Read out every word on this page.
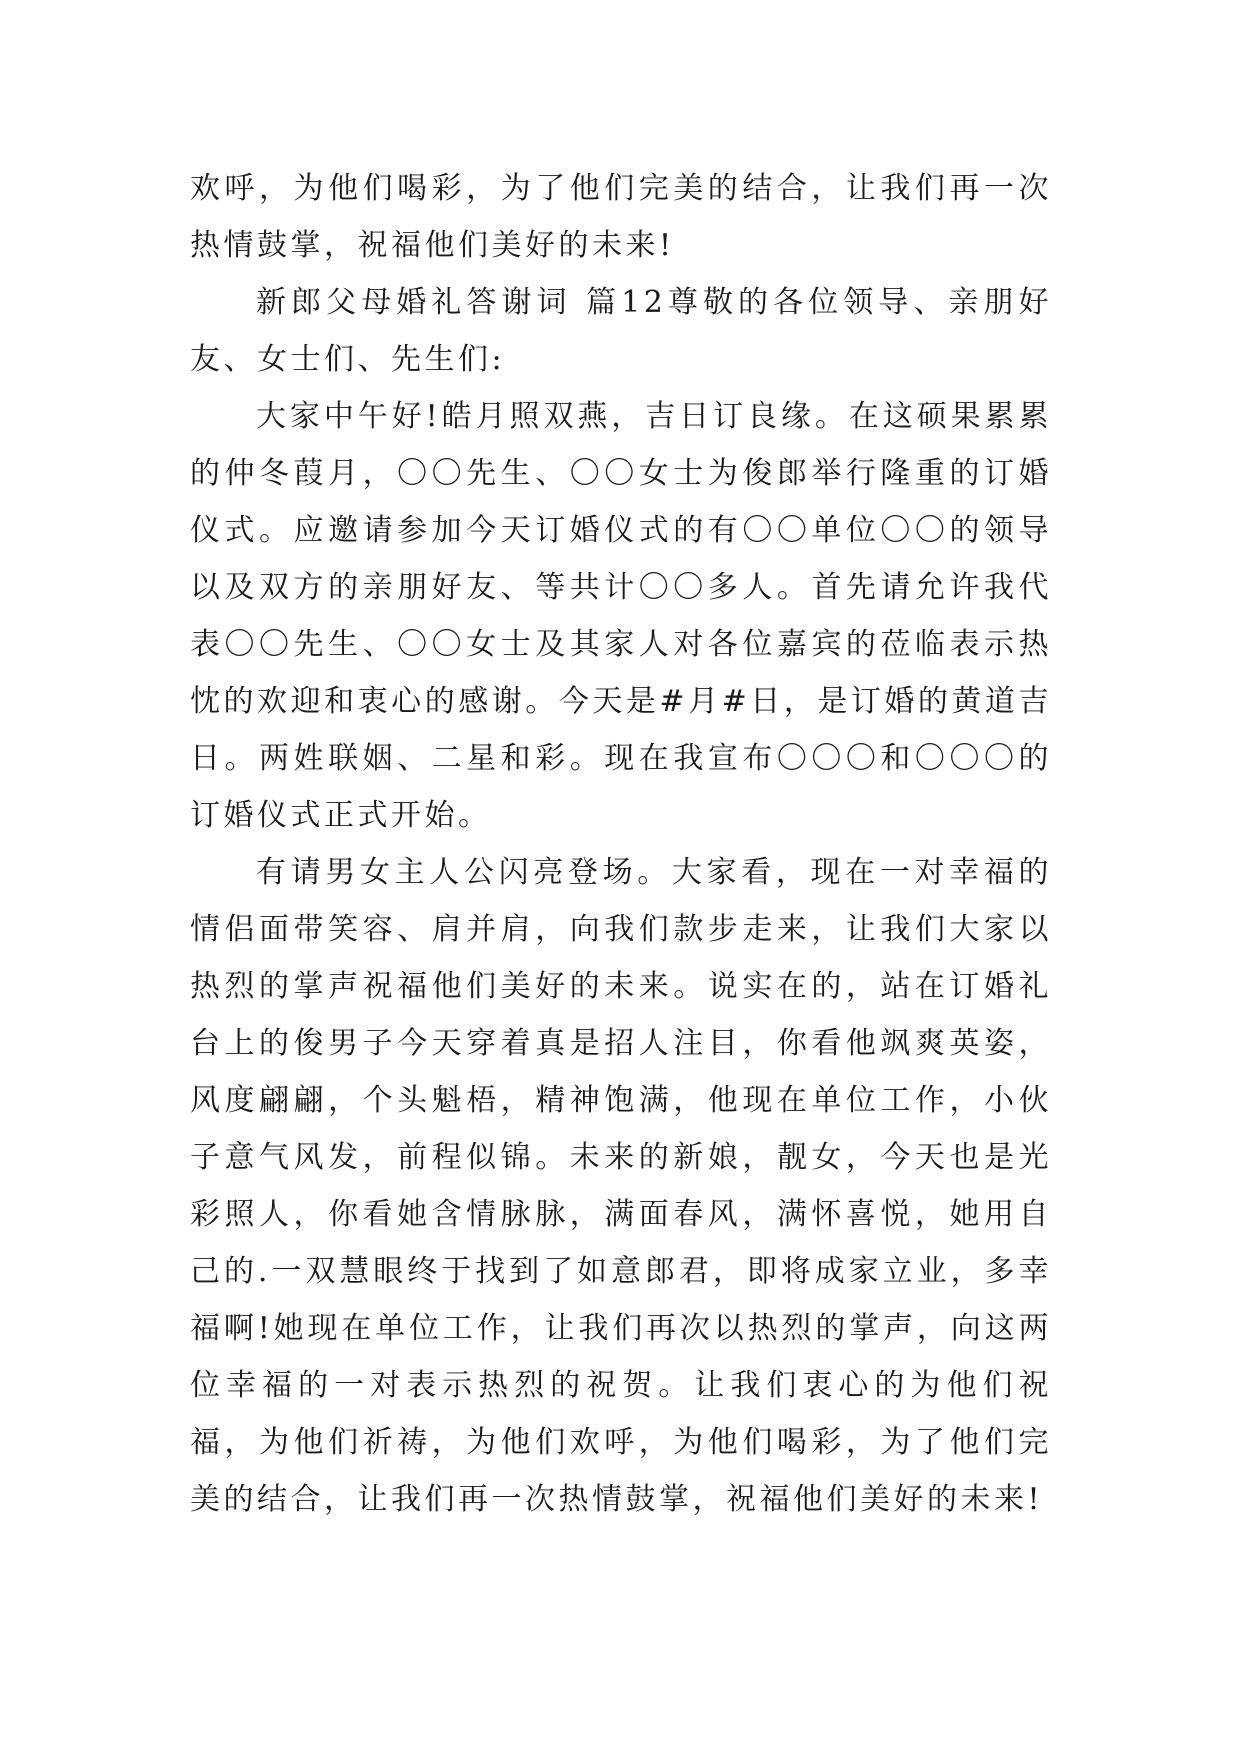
欢呼，为他们喝彩，为了他们完美的结合，让我们再一次热情鼓掌，祝福他们美好的未来!

新郎父母婚礼答谢词 篇12尊敬的各位领导、亲朋好友、女士们、先生们:

大家中午好!皓月照双燕，吉日订良缘。在这硕果累累的仲冬葭月，〇〇先生、〇〇女士为俊郎举行隆重的订婚仪式。应邀请参加今天订婚仪式的有〇〇单位〇〇的领导以及双方的亲朋好友、等共计〇〇多人。首先请允许我代表〇〇先生、〇〇女士及其家人对各位嘉宾的莅临表示热忱的欢迎和衷心的感谢。今天是#月#日，是订婚的黄道吉日。两姓联姻、二星和彩。现在我宣布〇〇〇和〇〇〇的订婚仪式正式开始。

有请男女主人公闪亮登场。大家看，现在一对幸福的情侣面带笑容、肩并肩，向我们款步走来，让我们大家以热烈的掌声祝福他们美好的未来。说实在的，站在订婚礼台上的俊男子今天穿着真是招人注目，你看他飒爽英姿，风度翩翩，个头魁梧，精神饱满，他现在单位工作，小伙子意气风发，前程似锦。未来的新娘，靓女，今天也是光彩照人，你看她含情脉脉，满面春风，满怀喜悦，她用自己的.一双慧眼终于找到了如意郎君，即将成家立业，多幸福啊!她现在单位工作，让我们再次以热烈的掌声，向这两位幸福的一对表示热烈的祝贺。让我们衷心的为他们祝福，为他们祈祷，为他们欢呼，为他们喝彩，为了他们完美的结合，让我们再一次热情鼓掌，祝福他们美好的未来!
